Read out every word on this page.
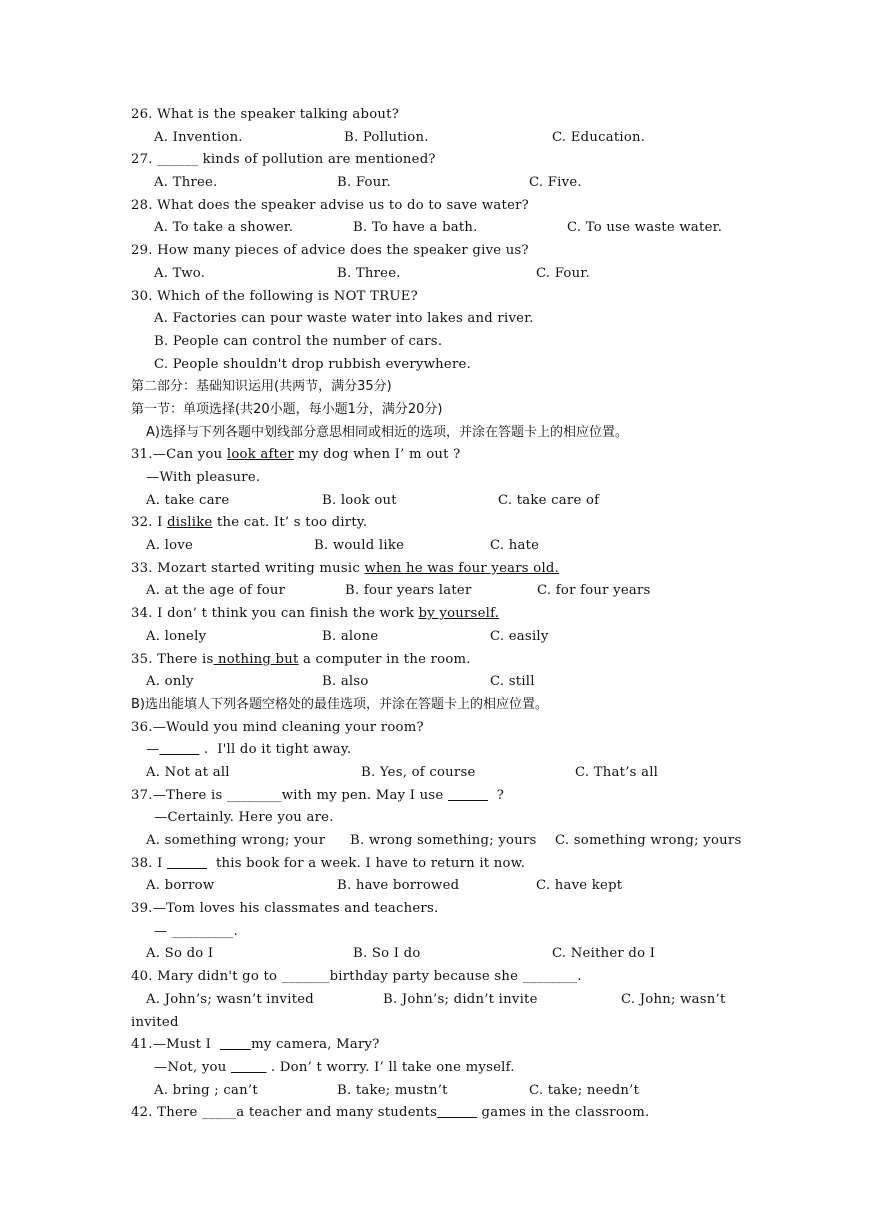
26. What is the speaker talking about?
A. Invention.	B. Pollution.	C. Education.
27. ______ kinds of pollution are mentioned?
A. Three.	B. Four.	C. Five.
28. What does the speaker advise us to do to save water?
A. To take a shower.	B. To have a bath.	C. To use waste water.
29. How many pieces of advice does the speaker give us?
A. Two.	B. Three.	C. Four.
30. Which of the following is NOT TRUE?
A. Factories can pour waste water into lakes and river.
B. People can control the number of cars.
C. People shouldn't drop rubbish everywhere.
第二部分：基础知识运用(共两节，满分35分)
第一节：单项选择(共20小题，每小题1分，满分20分)
A)选择与下列各题中划线部分意思相同或相近的选项，并涂在答题卡上的相应位置。
31.—Can you look after my dog when I’ m out ?
—With pleasure.
A. take care	B. look out	C. take care of
32. I dislike the cat. It’ s too dirty.
A. love	B. would like	C. hate
33. Mozart started writing music when he was four years old.
A. at the age of four	B. four years later	C. for four years
34. I don’ t think you can finish the work by yourself.
A. lonely	B. alone	C. easily
35. There is nothing but a computer in the room.
A. only	B. also	C. still
B)选出能填人下列各题空格处的最佳选项，并涂在答题卡上的相应位置。
36.—Would you mind cleaning your room?
—	.  I'll do it tight away.
A. Not at all	B. Yes, of course	C. That’s all
37.—There is ________with my pen. May I use	?
—Certainly. Here you are.
A. something wrong; your B. wrong something; yours C. something wrong; yours
38. I	this book for a week. I have to return it now.
A. borrow	B. have borrowed	C. have kept
39.—Tom loves his classmates and teachers.
— _________.
A. So do I	B. So I do	C. Neither do I
40. Mary didn't go to _______birthday party because she ________.
A. John’s; wasn’t invited	B. John’s; didn’t invite	C. John; wasn’t
invited
41.—Must I         my camera, Mary?
—Not, you	. Don’ t worry. I’ ll take one myself.
A. bring ; can’t	B. take; mustn’t	C. take; needn’t
42. There _____a teacher and many students	games in the classroom.
